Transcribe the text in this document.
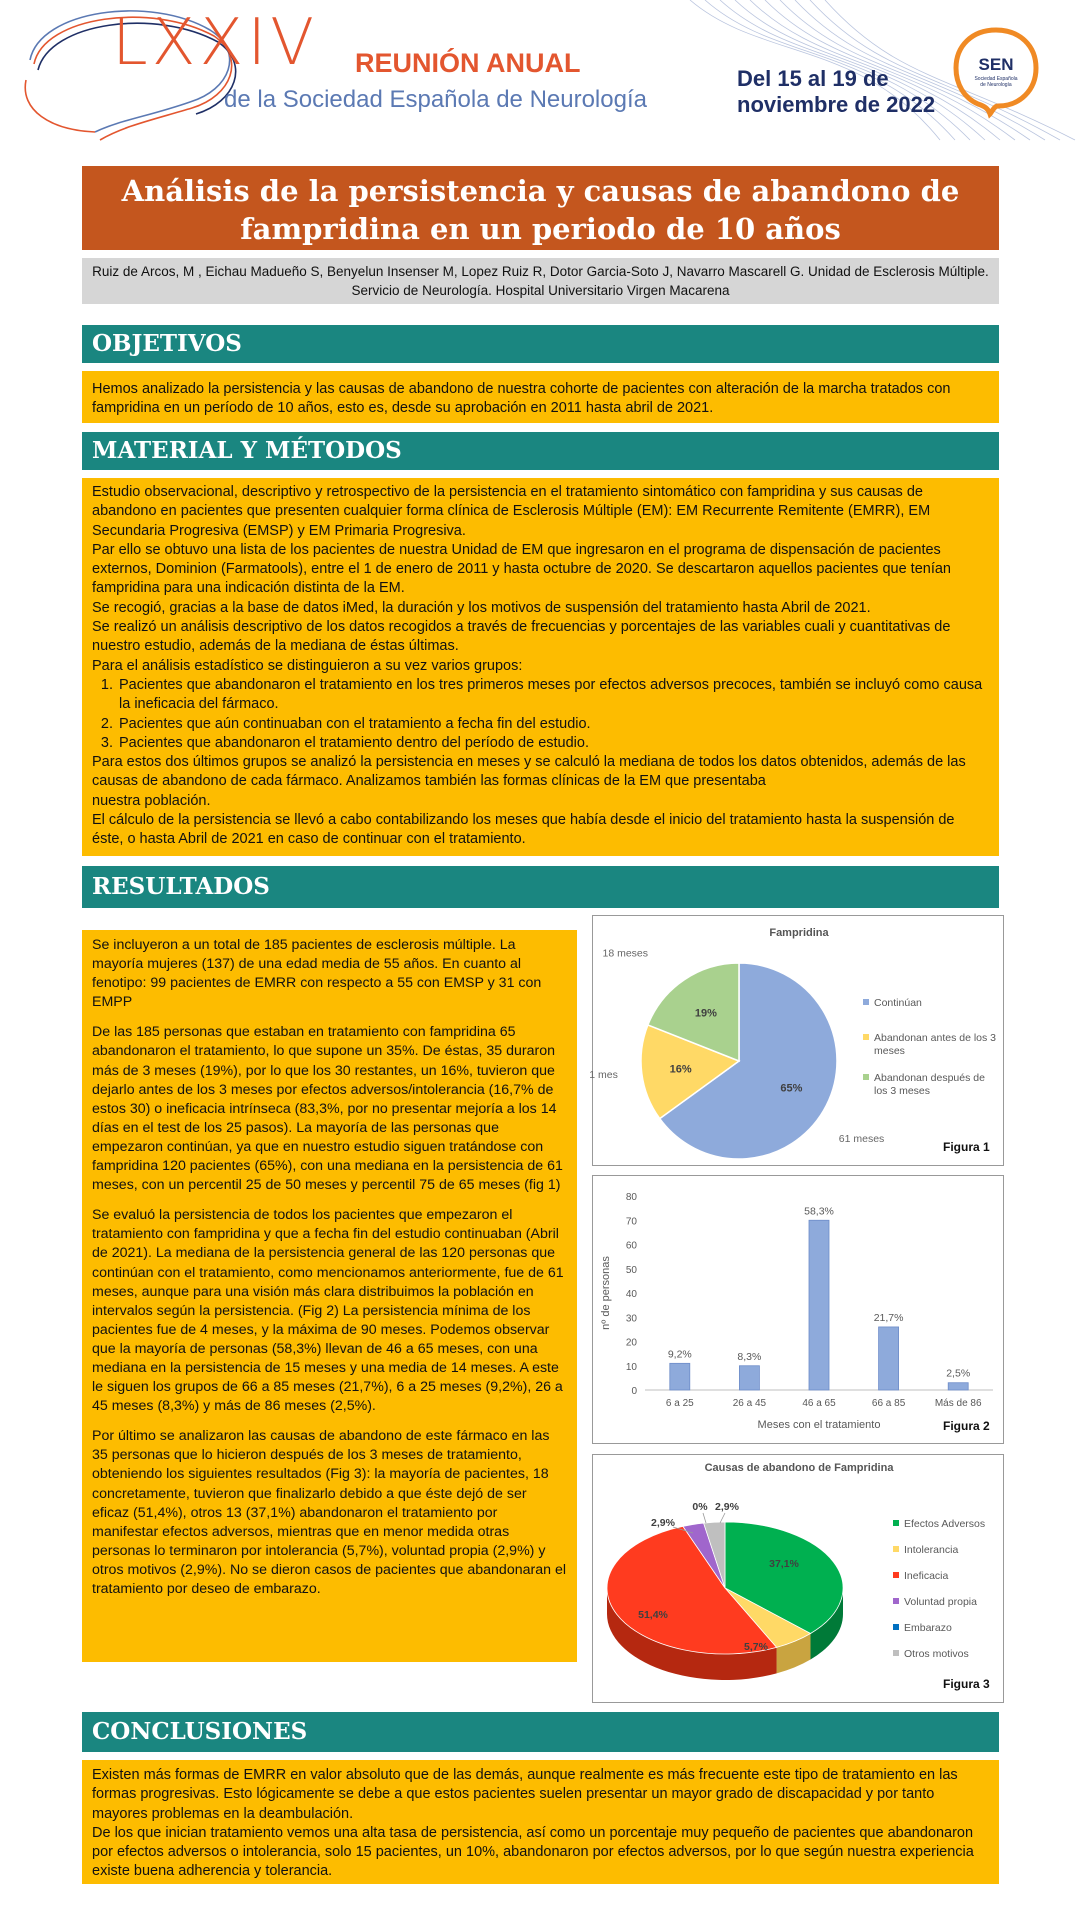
LXXIV REUNIÓN ANUAL
de la Sociedad Española de Neurología
Del 15 al 19 de noviembre de 2022
SEN
Sociedad Española
de Neurología
Análisis de la persistencia y causas de abandono de fampridina en un periodo de 10 años
Ruiz de Arcos, M , Eichau Madueño S, Benyelun Insenser M, Lopez Ruiz R, Dotor Garcia-Soto J, Navarro Mascarell G. Unidad de Esclerosis Múltiple.
Servicio de Neurología. Hospital Universitario Virgen Macarena
OBJETIVOS

Hemos analizado la persistencia y las causas de abandono de nuestra cohorte de pacientes con alteración de la marcha tratados con fampridina en un período de 10 años, esto es, desde su aprobación en 2011 hasta abril de 2021.

MATERIAL Y MÉTODOS

Estudio observacional, descriptivo y retrospectivo de la persistencia en el tratamiento sintomático con fampridina y sus causas de abandono en pacientes que presenten cualquier forma clínica de Esclerosis Múltiple (EM): EM Recurrente Remitente (EMRR), EM Secundaria Progresiva (EMSP) y EM Primaria Progresiva.

Par ello se obtuvo una lista de los pacientes de nuestra Unidad de EM que ingresaron en el programa de dispensación de pacientes externos, Dominion (Farmatools), entre el 1 de enero de 2011 y hasta octubre de 2020. Se descartaron aquellos pacientes que tenían fampridina para una indicación distinta de la EM.

Se recogió, gracias a la base de datos iMed, la duración y los motivos de suspensión del tratamiento hasta Abril de 2021.

Se realizó un análisis descriptivo de los datos recogidos a través de frecuencias y porcentajes de las variables cuali y cuantitativas de nuestro estudio, además de la mediana de éstas últimas.

Para el análisis estadístico se distinguieron a su vez varios grupos:

1. Pacientes que abandonaron el tratamiento en los tres primeros meses por efectos adversos precoces, también se incluyó como causa la ineficacia del fármaco.
2. Pacientes que aún continuaban con el tratamiento a fecha fin del estudio.
3. Pacientes que abandonaron el tratamiento dentro del período de estudio.

Para estos dos últimos grupos se analizó la persistencia en meses y se calculó la mediana de todos los datos obtenidos, además de las causas de abandono de cada fármaco. Analizamos también las formas clínicas de la EM que presentaba

nuestra población.

El cálculo de la persistencia se llevó a cabo contabilizando los meses que había desde el inicio del tratamiento hasta la suspensión de éste, o hasta Abril de 2021 en caso de continuar con el tratamiento.

RESULTADOS

Se incluyeron a un total de 185 pacientes de esclerosis múltiple. La mayoría mujeres (137) de una edad media de 55 años. En cuanto al fenotipo: 99 pacientes de EMRR con respecto a 55 con EMSP y 31 con EMPP

De las 185 personas que estaban en tratamiento con fampridina 65 abandonaron el tratamiento, lo que supone un 35%. De éstas, 35 duraron más de 3 meses (19%), por lo que los 30 restantes, un 16%, tuvieron que dejarlo antes de los 3 meses por efectos adversos/intolerancia (16,7% de estos 30) o ineficacia intrínseca (83,3%, por no presentar mejoría a los 14 días en el test de los 25 pasos). La mayoría de las personas que empezaron continúan, ya que en nuestro estudio siguen tratándose con fampridina 120 pacientes (65%), con una mediana en la persistencia de 61 meses, con un percentil 25 de 50 meses y percentil 75 de 65 meses (fig 1)

Se evaluó la persistencia de todos los pacientes que empezaron el tratamiento con fampridina y que a fecha fin del estudio continuaban (Abril de 2021). La mediana de la persistencia general de las 120 personas que continúan con el tratamiento, como mencionamos anteriormente, fue de 61 meses, aunque para una visión más clara distribuimos la población en intervalos según la persistencia. (Fig 2) La persistencia mínima de los pacientes fue de 4 meses, y la máxima de 90 meses. Podemos observar que la mayoría de personas (58,3%) llevan de 46 a 65 meses, con una mediana en la persistencia de 15 meses y una media de 14 meses. A este le siguen los grupos de 66 a 85 meses (21,7%), 6 a 25 meses (9,2%), 26 a 45 meses (8,3%) y más de 86 meses (2,5%).

Por último se analizaron las causas de abandono de este fármaco en las 35 personas que lo hicieron después de los 3 meses de tratamiento, obteniendo los siguientes resultados (Fig 3): la mayoría de pacientes, 18 concretamente, tuvieron que finalizarlo debido a que éste dejó de ser eficaz (51,4%), otros 13 (37,1%) abandonaron el tratamiento por manifestar efectos adversos, mientras que en menor medida otras personas lo terminaron por intolerancia (5,7%), voluntad propia (2,9%) y otros motivos (2,9%). No se dieron casos de pacientes que abandonaran el tratamiento por deseo de embarazo.

Fampridina
65%
61 meses
16%
1 mes
19%
18 meses
Continúan
Abandonan antes de los 3 meses
Abandonan después de los 3 meses
Figura 1
0
10
20
30
40
50
60
70
80
9,2%
6 a 25
8,3%
26 a 45
58,3%
46 a 65
21,7%
66 a 85
2,5%
Más de 86
Meses con el tratamiento
nº de personas
Figura 2
Causas de abandono de Fampridina
37,1%
5,7%
51,4%
2,9%
0% 2,9%
Efectos Adversos
Intolerancia
Ineficacia
Voluntad propia
Embarazo
Otros motivos
Figura 3
CONCLUSIONES

Existen más formas de EMRR en valor absoluto que de las demás, aunque realmente es más frecuente este tipo de tratamiento en las formas progresivas. Esto lógicamente se debe a que estos pacientes suelen presentar un mayor grado de discapacidad y por tanto mayores problemas en la deambulación.

De los que inician tratamiento vemos una alta tasa de persistencia, así como un porcentaje muy pequeño de pacientes que abandonaron por efectos adversos o intolerancia, solo 15 pacientes, un 10%, abandonaron por efectos adversos, por lo que según nuestra experiencia existe buena adherencia y tolerancia.
